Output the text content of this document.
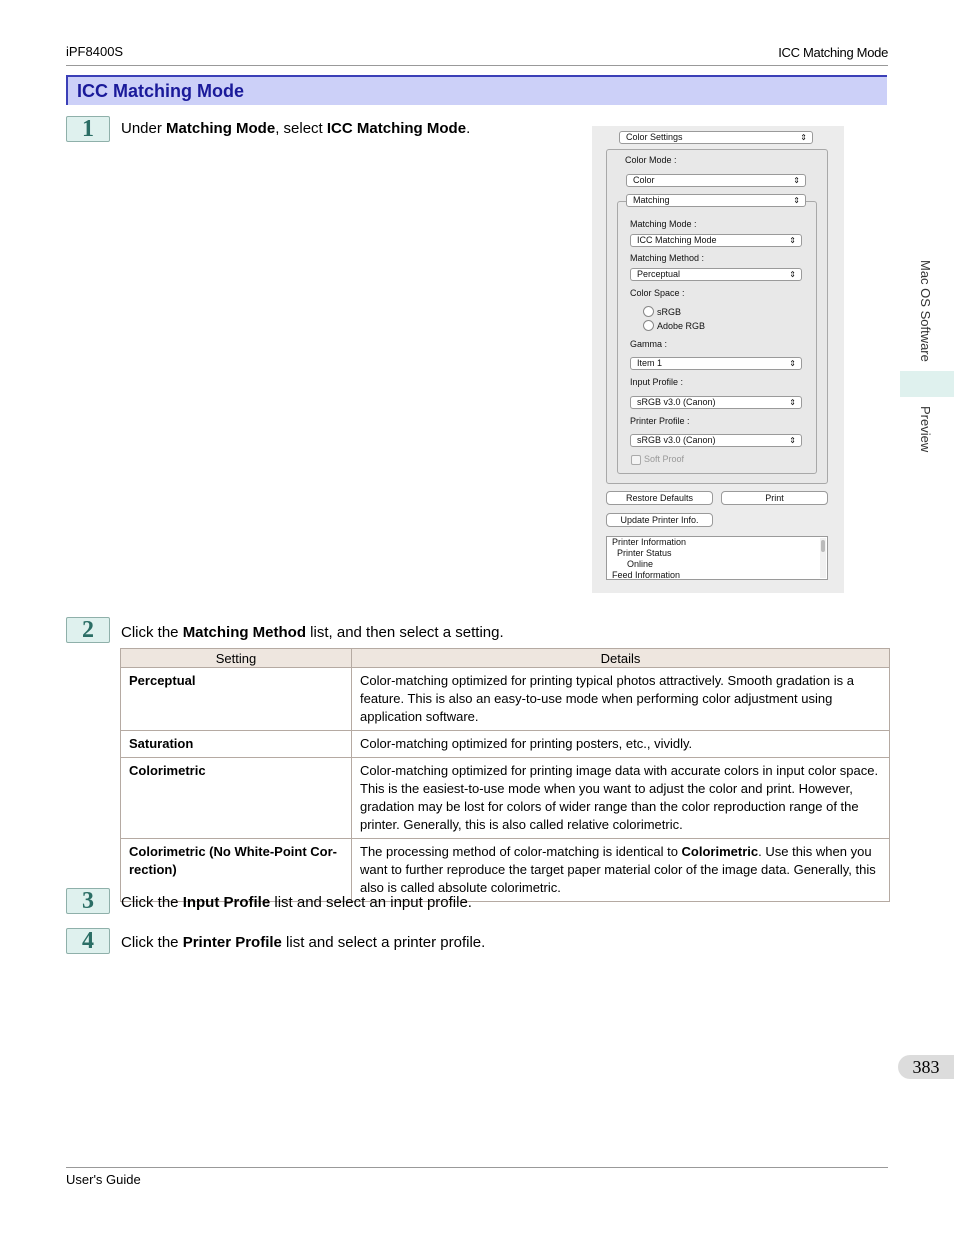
iPF8400S	ICC Matching Mode
ICC Matching Mode
1	Under Matching Mode, select ICC Matching Mode.	Color Settings	⇕
Color Mode :
Color	⇕
Matching	⇕
Matching Mode :
ICC Matching Mode	⇕
Matching Method :
Perceptual	⇕
Color Space :
sRGB
Adobe RGB
Gamma :
Item 1	⇕
Input Profile :
sRGB v3.0 (Canon)	⇕
Printer Profile :
sRGB v3.0 (Canon)	⇕
Soft Proof
Restore Defaults	Print
Update Printer Info.
Printer Information
Printer Status
Online
Feed Information
2	Click the Matching Method list, and then select a setting.
Setting	Details
Perceptual	Color-matching optimized for printing typical photos attractively. Smooth gradation is a feature. This is also an easy-to-use mode when performing color adjustment using application software.
Saturation	Color-matching optimized for printing posters, etc., vividly.
Colorimetric	Color-matching optimized for printing image data with accurate colors in input color space. This is the easiest-to-use mode when you want to adjust the color and print. However, gradation may be lost for colors of wider range than the color reproduction range of the printer. Generally, this is also called relative colorimetric.
Colorimetric (No White-Point Cor-rection)	The processing method of color-matching is identical to Colorimetric. Use this when you want to further reproduce the target paper material color of the image data. Generally, this also is called absolute colorimetric.
3	Click the Input Profile list and select an input profile.
4	Click the Printer Profile list and select a printer profile.
Mac OS Software
Preview
383
User's Guide
